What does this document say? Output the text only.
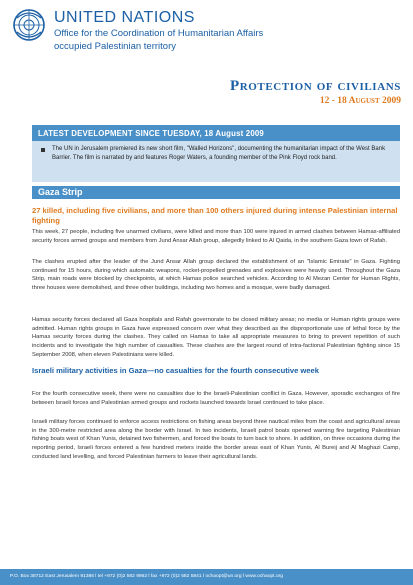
UNITED NATIONS
Office for the Coordination of Humanitarian Affairs
occupied Palestinian territory
Protection of civilians
12 - 18 August 2009
LATEST DEVELOPMENT SINCE TUESDAY, 18 August 2009
The UN in Jerusalem premiered its new short film, "Walled Horizons", documenting the humanitarian impact of the West Bank Barrier. The film is narrated by and features Roger Waters, a founding member of the Pink Floyd rock band.
Gaza Strip
27 killed, including five civilians, and more than 100 others injured during intense Palestinian internal fighting
This week, 27 people, including five unarmed civilians, were killed and more than 100 were injured in armed clashes between Hamas-affiliated security forces armed groups and members from Jund Ansar Allah group, allegedly linked to Al Qaida, in the southern Gaza town of Rafah.
The clashes erupted after the leader of the Jund Ansar Allah group declared the establishment of an "Islamic Emirate" in Gaza. Fighting continued for 15 hours, during which automatic weapons, rocket-propelled grenades and explosives were heavily used. Throughout the Gaza Strip, main roads were blocked by checkpoints, at which Hamas police searched vehicles. According to Al Mezan Center for Human Rights, three houses were demolished, and three other buildings, including two homes and a mosque, were badly damaged.
Hamas security forces declared all Gaza hospitals and Rafah governorate to be closed military areas; no media or Human rights groups were admitted. Human rights groups in Gaza have expressed concern over what they described as the disproportionate use of lethal force by the Hamas security forces during the clashes. They called on Hamas to take all appropriate measures to bring to prevent repetition of such incidents and to investigate the high number of casualties. These clashes are the largest round of intra-factional Palestinian fighting since 15 September 2008, when eleven Palestinians were killed.
Israeli military activities in Gaza—no casualties for the fourth consecutive week
For the fourth consecutive week, there were no casualties due to the Israeli-Palestinian conflict in Gaza. However, sporadic exchanges of fire between Israeli forces and Palestinian armed groups and rockets launched towards Israel continued to take place.
Israeli military forces continued to enforce access restrictions on fishing areas beyond three nautical miles from the coast and agricultural areas in the 300-metre restricted area along the border with Israel. In two incidents, Israeli patrol boats opened warning fire targeting Palestinian fishing boats west of Khan Yunis, detained two fishermen, and forced the boats to turn back to shore. In addition, on three occasions during the reporting period, Israeli forces entered a few hundred meters inside the border areas east of Khan Yunis, Al Bureij and Al Maghazi Camp, conducted land levelling, and forced Palestinian farmers to leave their agricultural lands.
P.O. Box 38712 East Jerusalem 91386 l tel +972 (0)2 582 9962 l fax +972 (0)2 582 5841 l ochaopt@un.org l www.ochaopt.org
